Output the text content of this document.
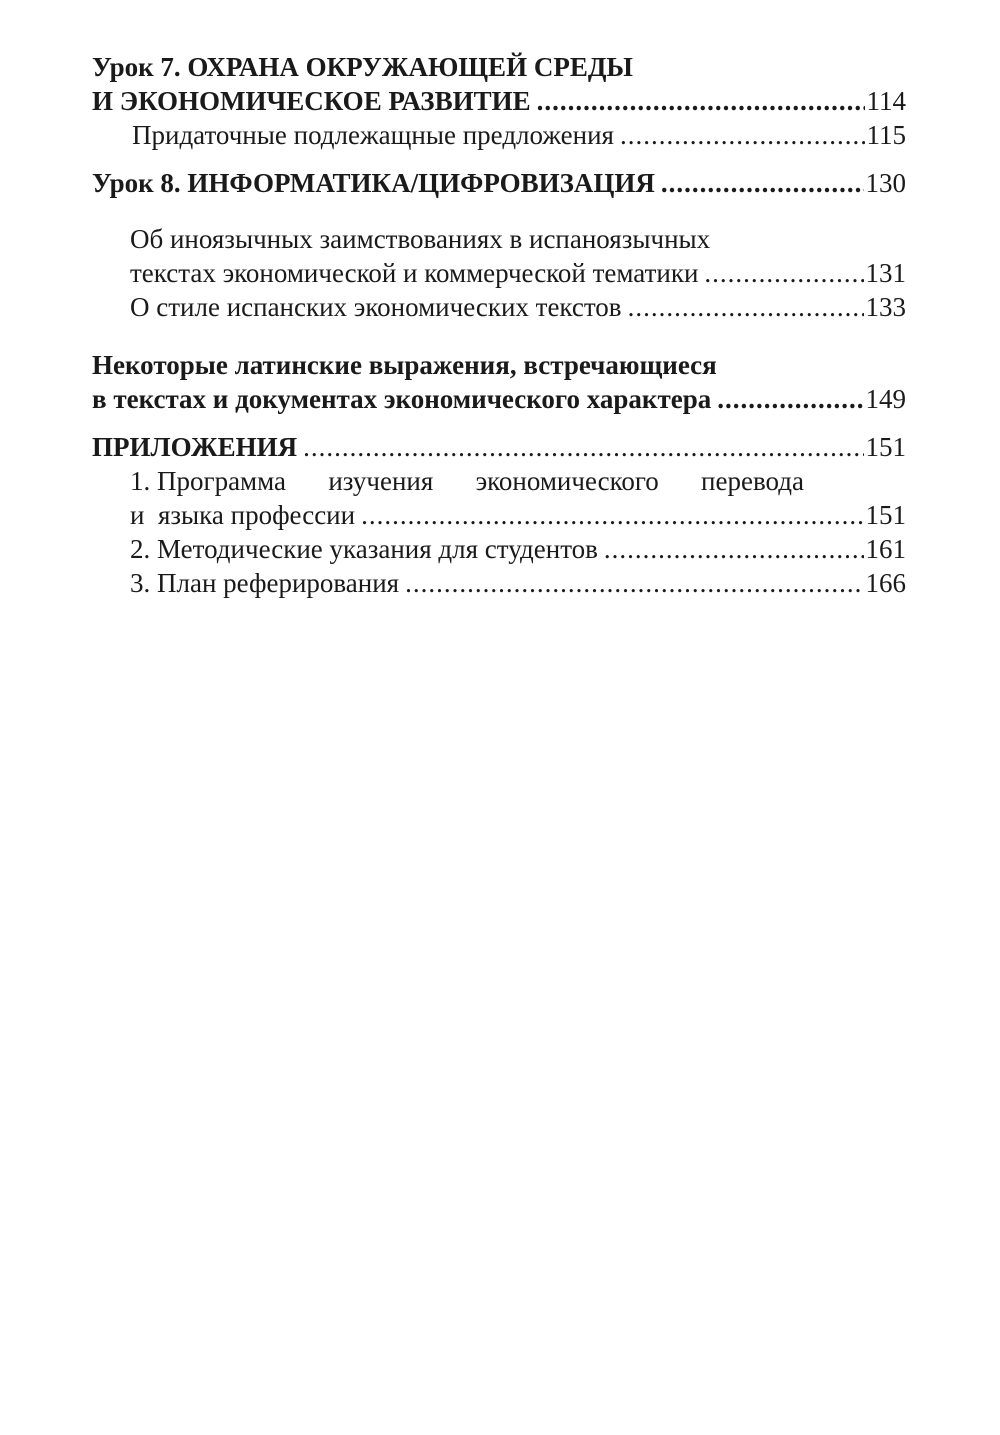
Урок 7. ОХРАНА ОКРУЖАЮЩЕЙ СРЕДЫ
И ЭКОНОМИЧЕСКОЕ РАЗВИТИЕ .....	114
Придаточные подлежащные предложения .....	115
Урок 8. ИНФОРМАТИКА/ЦИФРОВИЗАЦИЯ .....	130
Об иноязычных заимствованиях в испаноязычных
текстах экономической и коммерческой тематики .....	131
О стиле испанских экономических текстов .....	133
Некоторые латинские выражения, встречающиеся
в текстах и документах экономического характера .....	149
ПРИЛОЖЕНИЯ .....	151
1. Программа изучения экономического перевода
и  языка профессии .....	151
2. Методические указания для студентов .....	161
3. План реферирования .....	166
